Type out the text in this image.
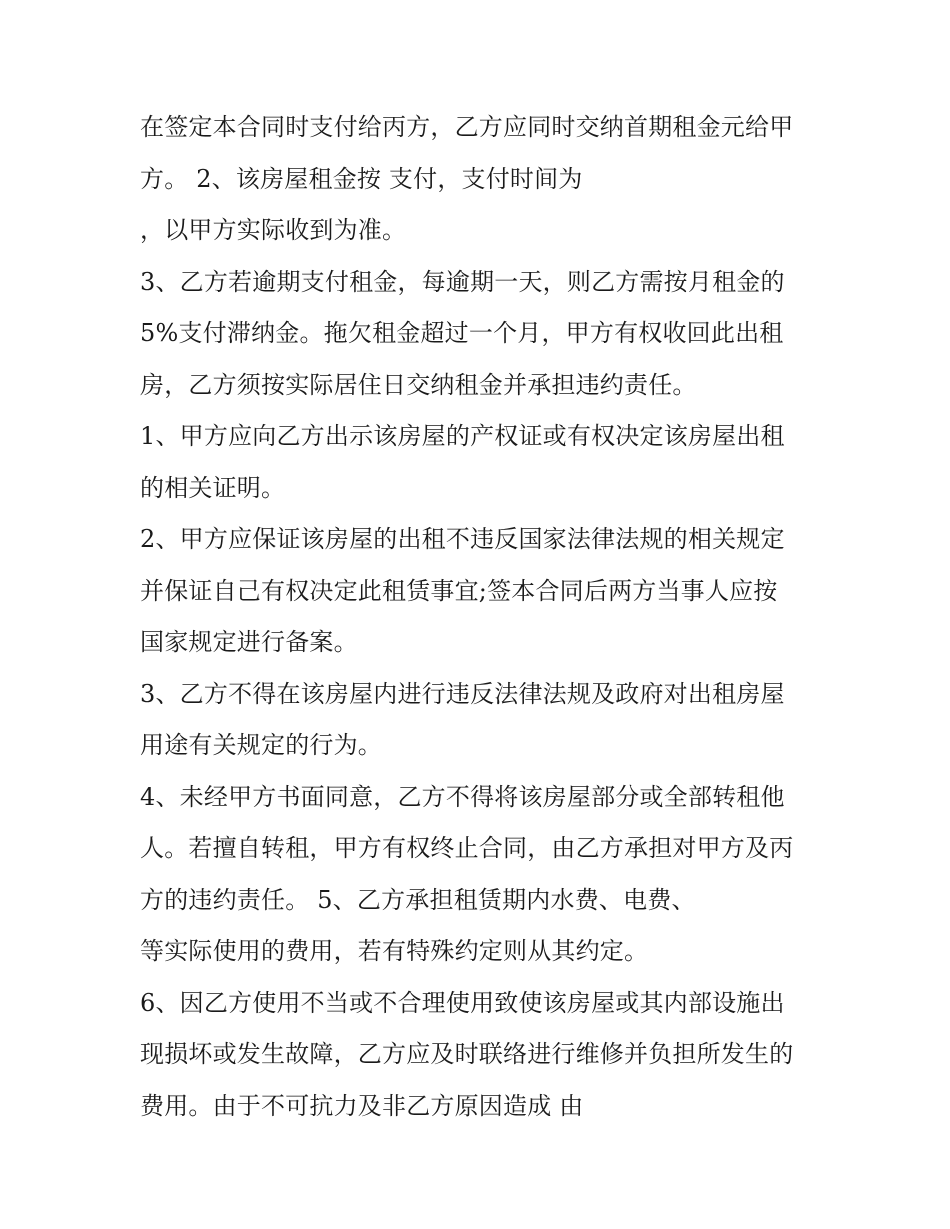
在签定本合同时支付给丙方，乙方应同时交纳首期租金元给甲
方。 2、该房屋租金按 支付，支付时间为
，以甲方实际收到为准。
3、乙方若逾期支付租金，每逾期一天，则乙方需按月租金的
5%支付滞纳金。拖欠租金超过一个月，甲方有权收回此出租
房，乙方须按实际居住日交纳租金并承担违约责任。
1、甲方应向乙方出示该房屋的产权证或有权决定该房屋出租
的相关证明。
2、甲方应保证该房屋的出租不违反国家法律法规的相关规定
并保证自己有权决定此租赁事宜;签本合同后两方当事人应按
国家规定进行备案。
3、乙方不得在该房屋内进行违反法律法规及政府对出租房屋
用途有关规定的行为。
4、未经甲方书面同意，乙方不得将该房屋部分或全部转租他
人。若擅自转租，甲方有权终止合同，由乙方承担对甲方及丙
方的违约责任。 5、乙方承担租赁期内水费、电费、
等实际使用的费用，若有特殊约定则从其约定。
6、因乙方使用不当或不合理使用致使该房屋或其内部设施出
现损坏或发生故障，乙方应及时联络进行维修并负担所发生的
费用。由于不可抗力及非乙方原因造成 由
